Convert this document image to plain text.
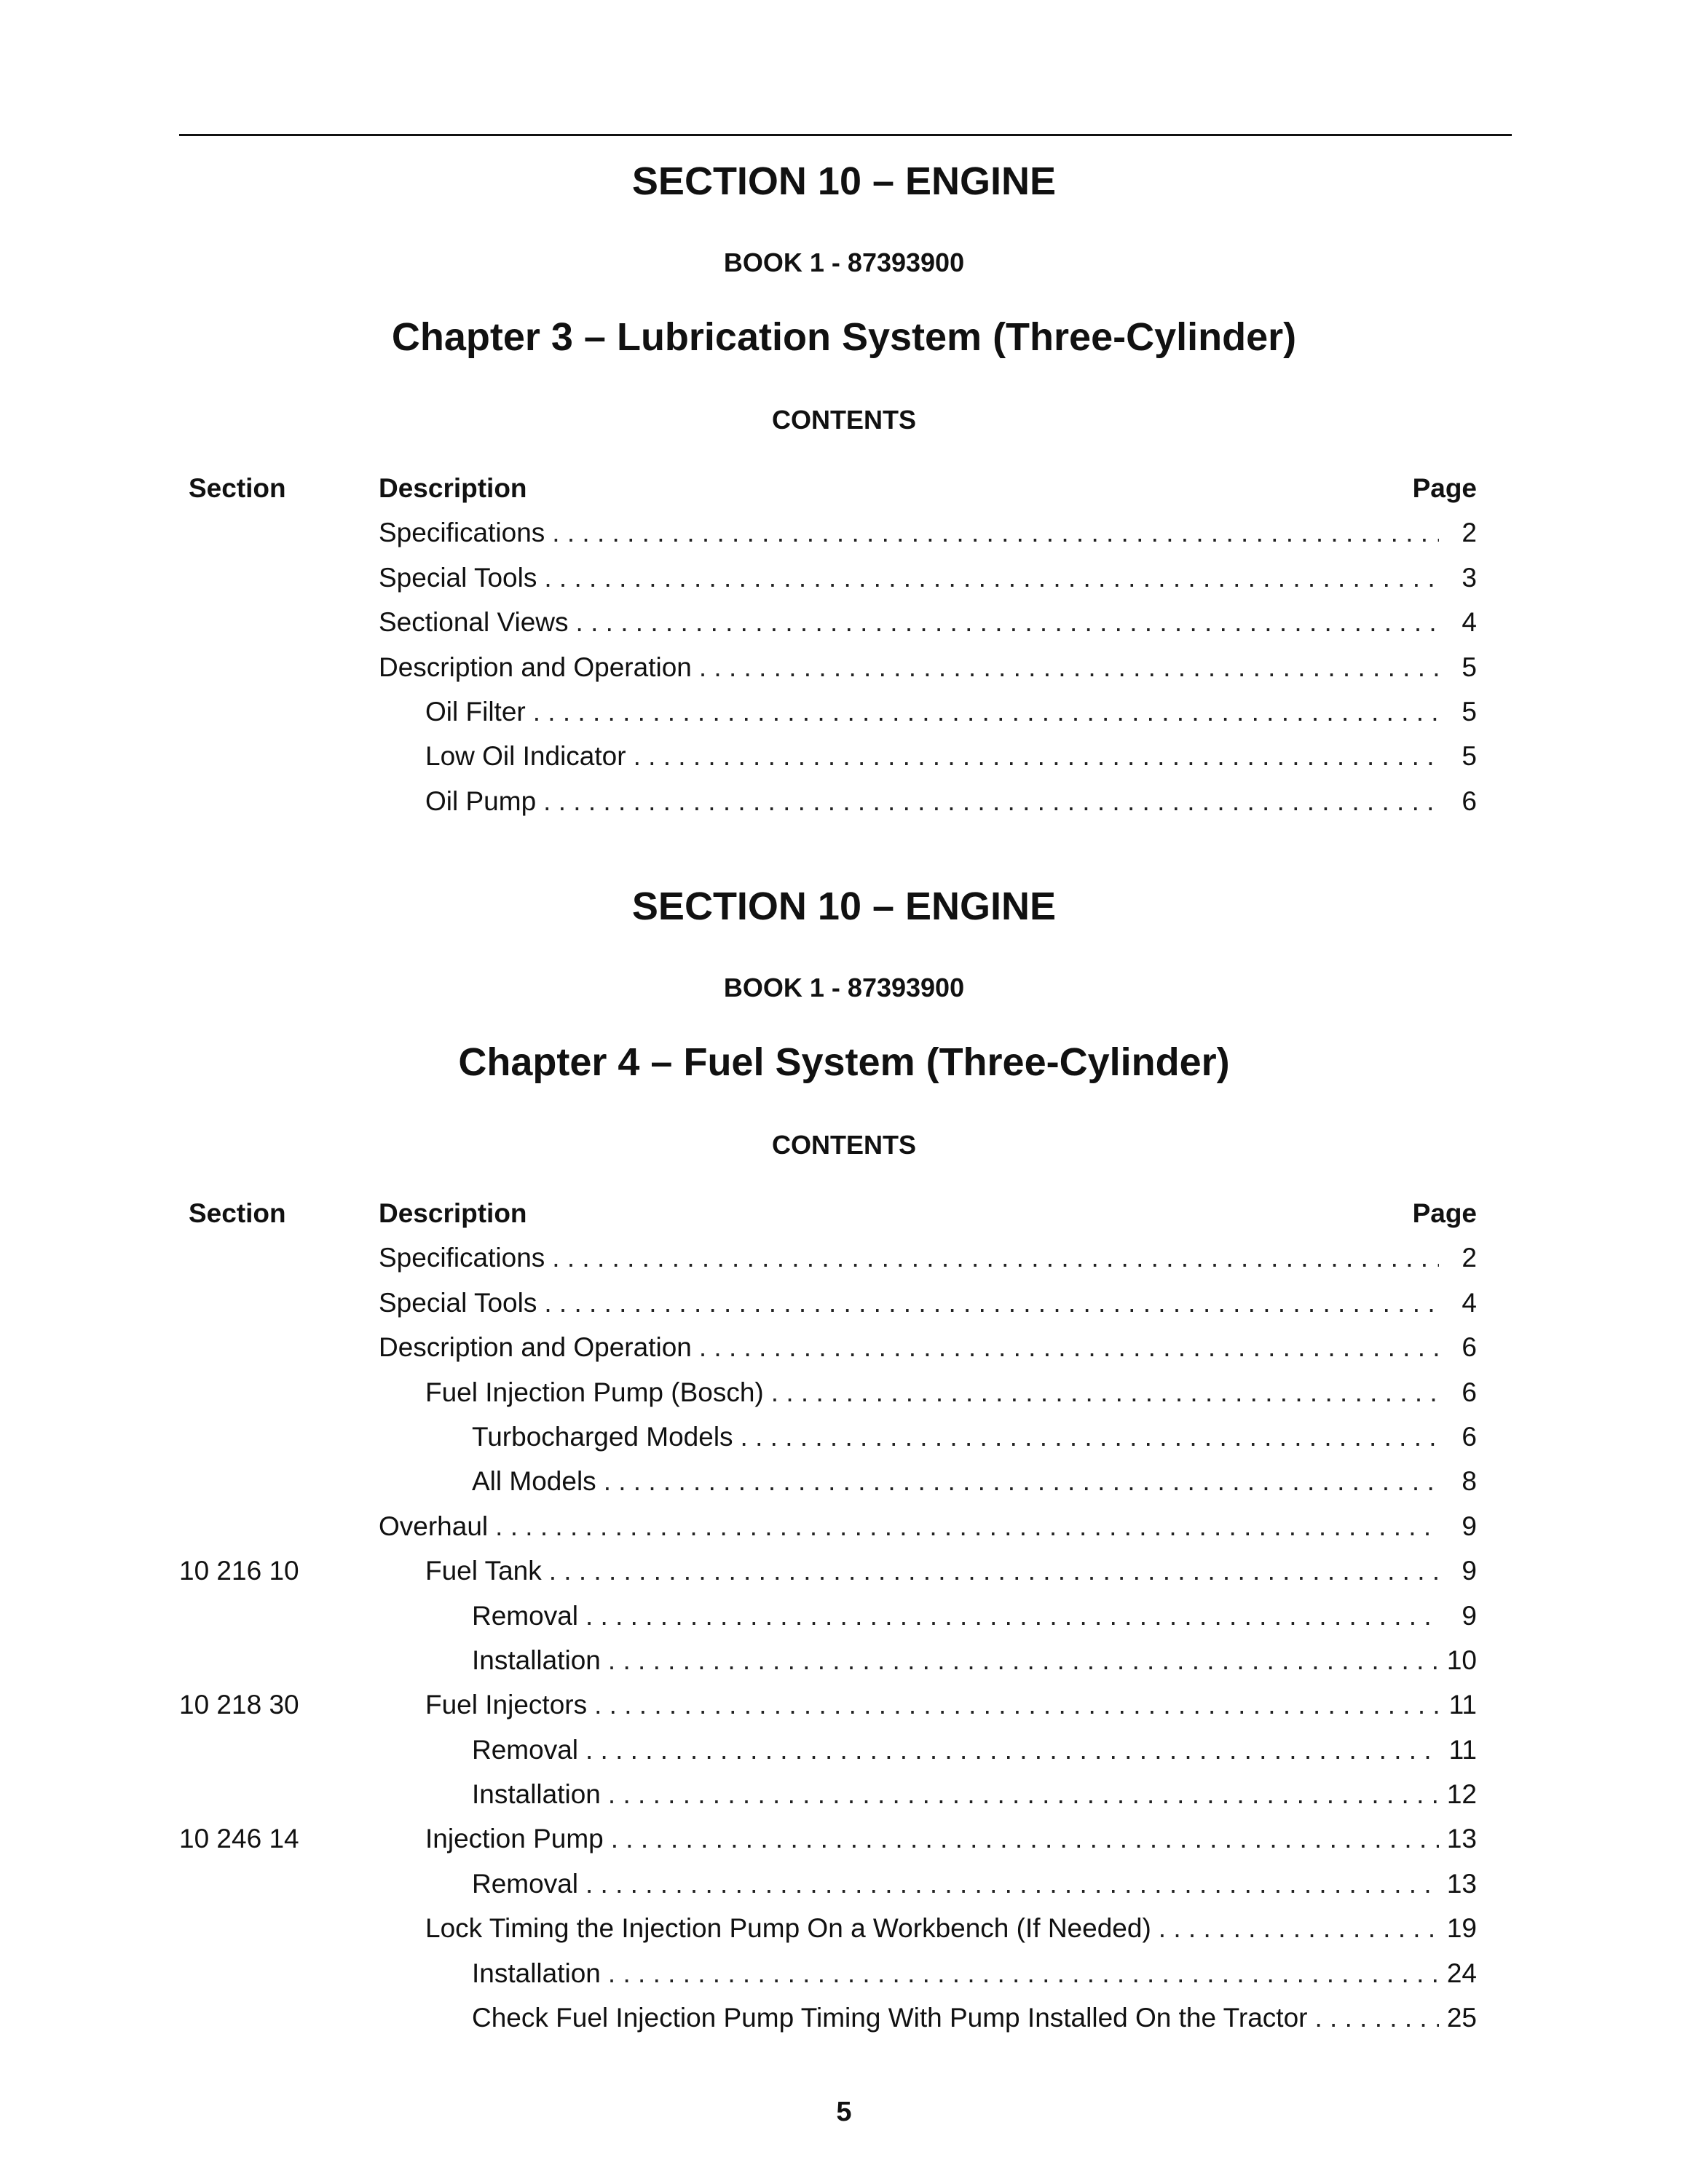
SECTION 10 – ENGINE

BOOK 1 - 87393900

Chapter 3 – Lubrication System (Three-Cylinder)

CONTENTS

Section	Description	Page
Specifications . . .	2
Special Tools . . .	3
Sectional Views . . .	4
Description and Operation . . .	5
Oil Filter . . .	5
Low Oil Indicator . . .	5
Oil Pump . . .	6

SECTION 10 – ENGINE

BOOK 1 - 87393900

Chapter 4 – Fuel System (Three-Cylinder)

CONTENTS

Section	Description	Page
Specifications . . .	2
Special Tools . . .	4
Description and Operation . . .	6
Fuel Injection Pump (Bosch) . . .	6
Turbocharged Models . . .	6
All Models . . .	8
Overhaul . . .	9
10 216 10	Fuel Tank . . .	9
Removal . . .	9
Installation . . .	10
10 218 30	Fuel Injectors . . .	11
Removal . . .	11
Installation . . .	12
10 246 14	Injection Pump . . .	13
Removal . . .	13
Lock Timing the Injection Pump On a Workbench (If Needed) . . .	19
Installation . . .	24
Check Fuel Injection Pump Timing With Pump Installed On the Tractor . . .	25
5
